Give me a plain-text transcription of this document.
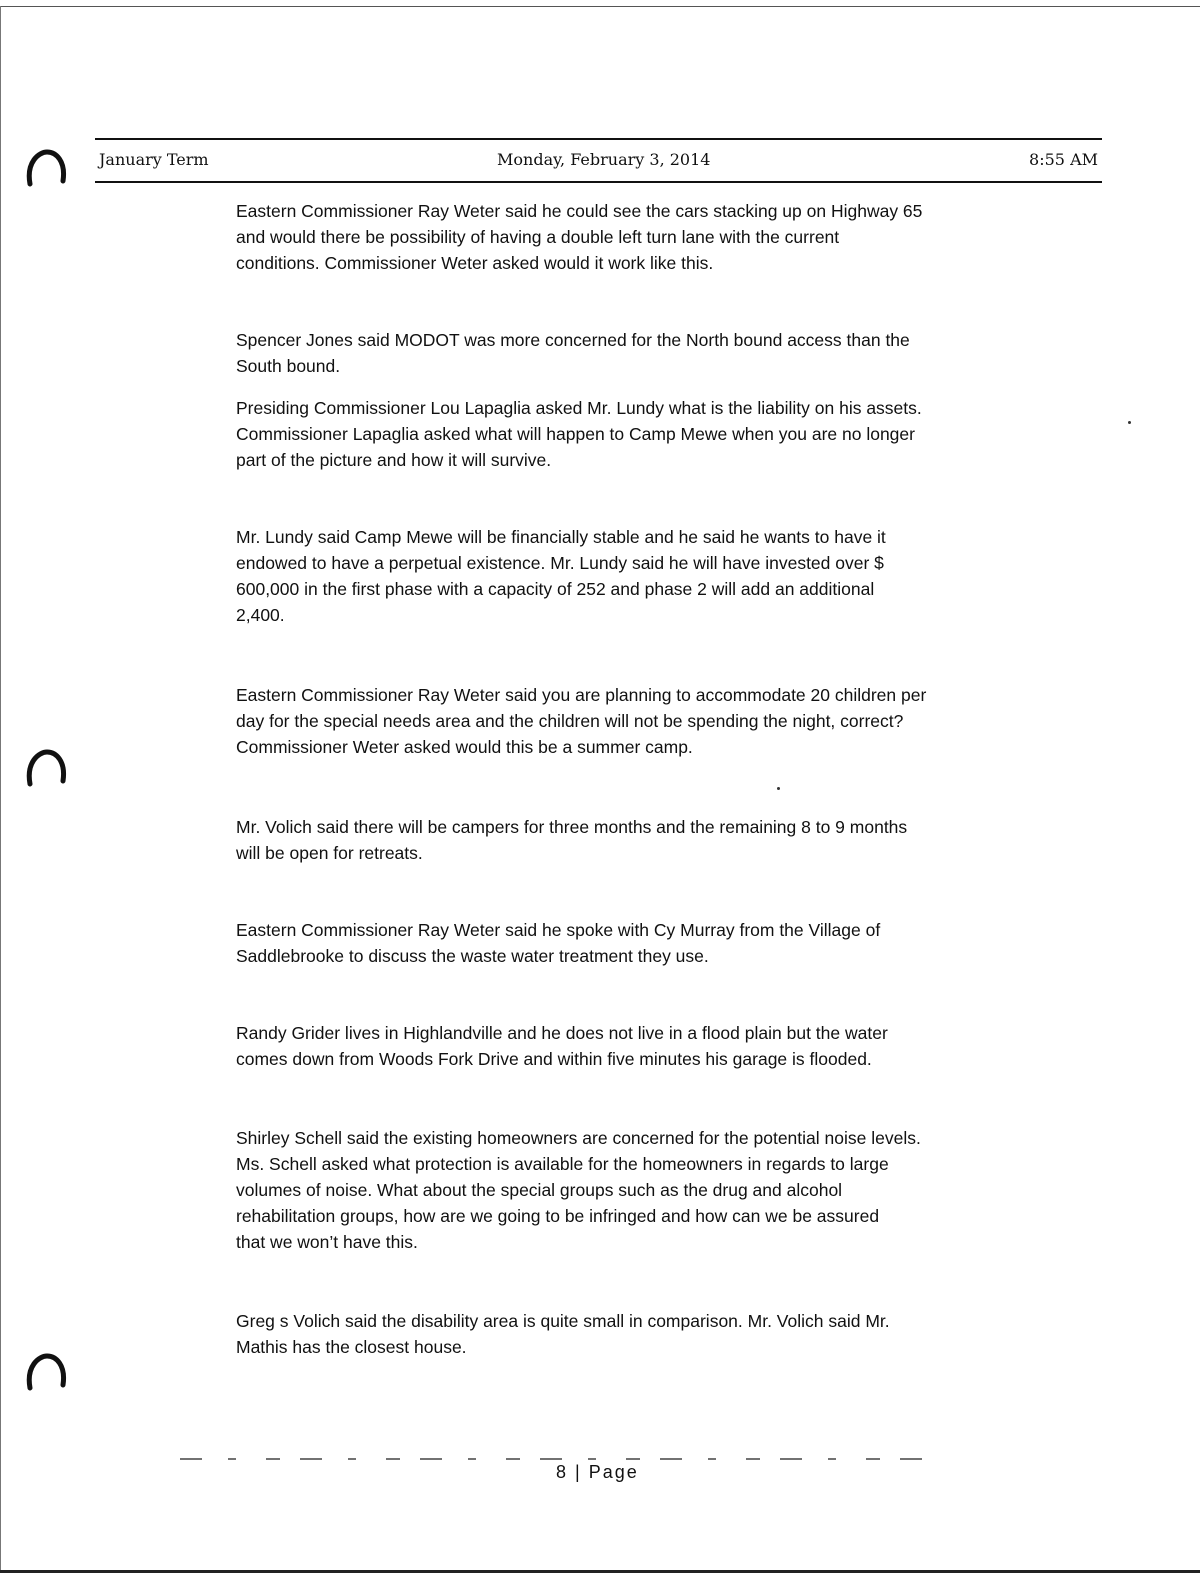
January Term	Monday, February 3, 2014	8:55 AM
Eastern Commissioner Ray Weter said he could see the cars stacking up on Highway 65
and would there be possibility of having a double left turn lane with the current
conditions. Commissioner Weter asked would it work like this.
Spencer Jones said MODOT was more concerned for the North bound access than the
South bound.
Presiding Commissioner Lou Lapaglia asked Mr. Lundy what is the liability on his assets.
Commissioner Lapaglia asked what will happen to Camp Mewe when you are no longer
part of the picture and how it will survive.
Mr. Lundy said Camp Mewe will be financially stable and he said he wants to have it
endowed to have a perpetual existence. Mr. Lundy said he will have invested over $
600,000 in the first phase with a capacity of 252 and phase 2 will add an additional
2,400.
Eastern Commissioner Ray Weter said you are planning to accommodate 20 children per
day for the special needs area and the children will not be spending the night, correct?
Commissioner Weter asked would this be a summer camp.
Mr. Volich said there will be campers for three months and the remaining 8 to 9 months
will be open for retreats.
Eastern Commissioner Ray Weter said he spoke with Cy Murray from the Village of
Saddlebrooke to discuss the waste water treatment they use.
Randy Grider lives in Highlandville and he does not live in a flood plain but the water
comes down from Woods Fork Drive and within five minutes his garage is flooded.
Shirley Schell said the existing homeowners are concerned for the potential noise levels.
Ms. Schell asked what protection is available for the homeowners in regards to large
volumes of noise. What about the special groups such as the drug and alcohol
rehabilitation groups, how are we going to be infringed and how can we be assured
that we won’t have this.
Greg s Volich said the disability area is quite small in comparison. Mr. Volich said Mr.
Mathis has the closest house.
8 | Page
